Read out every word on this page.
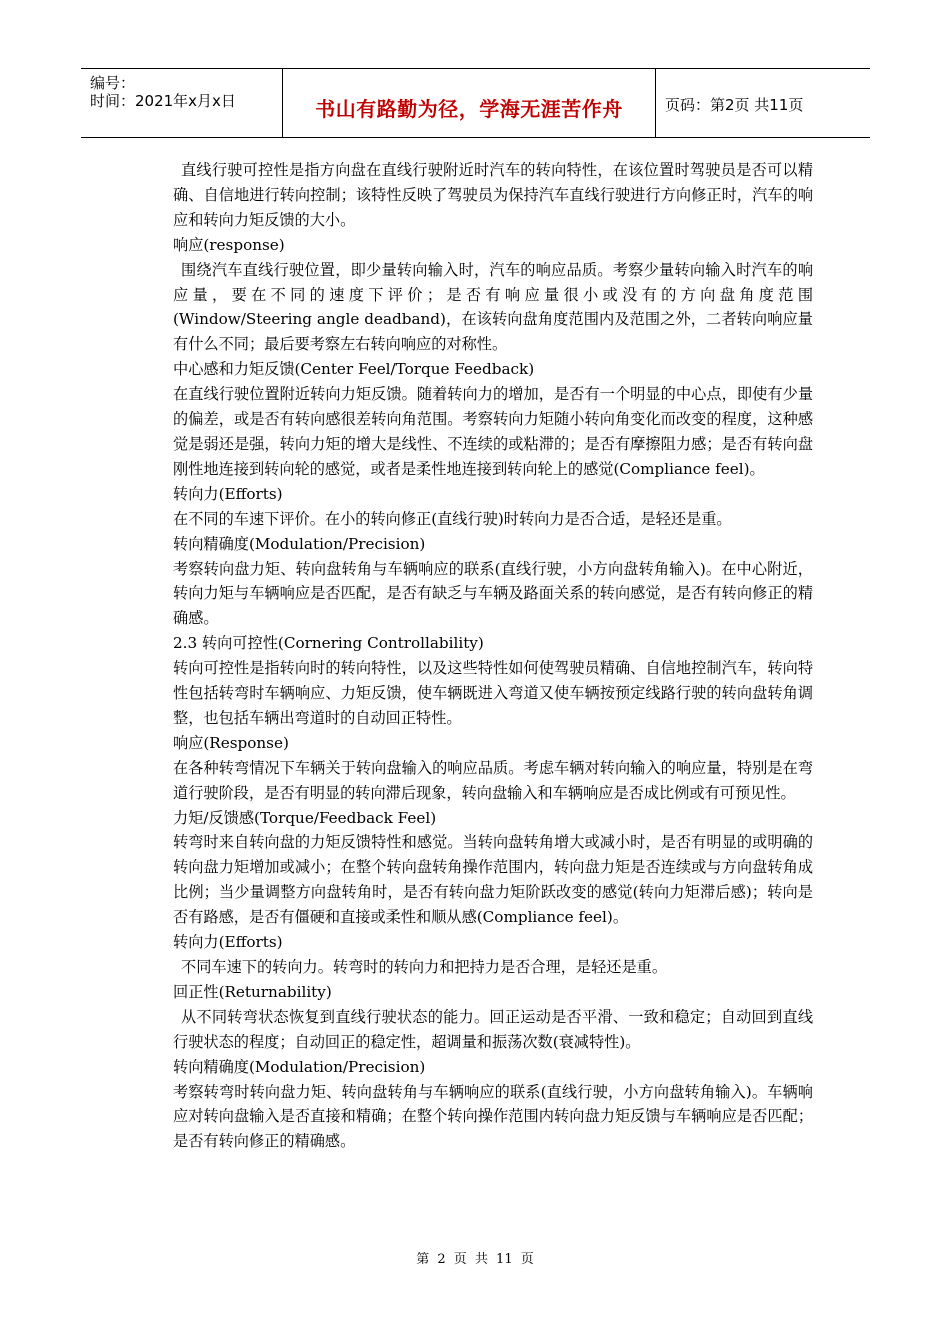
编号：
时间：2021年x月x日	书山有路勤为径，学海无涯苦作舟	页码：第2页 共11页

直线行驶可控性是指方向盘在直线行驶附近时汽车的转向特性，在该位置时驾驶员是否可以精确、自信地进行转向控制；该特性反映了驾驶员为保持汽车直线行驶进行方向修正时，汽车的响应和转向力矩反馈的大小。

响应(response)

围绕汽车直线行驶位置，即少量转向输入时，汽车的响应品质。考察少量转向输入时汽车的响应量，要在不同的速度下评价；是否有响应量很小或没有的方向盘角度范围(Window/Steering angle deadband)，在该转向盘角度范围内及范围之外，二者转向响应量有什么不同；最后要考察左右转向响应的对称性。

中心感和力矩反馈(Center Feel/Torque Feedback)

在直线行驶位置附近转向力矩反馈。随着转向力的增加，是否有一个明显的中心点，即使有少量的偏差，或是否有转向感很差转向角范围。考察转向力矩随小转向角变化而改变的程度，这种感觉是弱还是强，转向力矩的增大是线性、不连续的或粘滞的；是否有摩擦阻力感；是否有转向盘刚性地连接到转向轮的感觉，或者是柔性地连接到转向轮上的感觉(Compliance feel)。

转向力(Efforts)

在不同的车速下评价。在小的转向修正(直线行驶)时转向力是否合适，是轻还是重。

转向精确度(Modulation/Precision)

考察转向盘力矩、转向盘转角与车辆响应的联系(直线行驶，小方向盘转角输入)。在中心附近，转向力矩与车辆响应是否匹配，是否有缺乏与车辆及路面关系的转向感觉，是否有转向修正的精确感。

2.3 转向可控性(Cornering Controllability)

转向可控性是指转向时的转向特性，以及这些特性如何使驾驶员精确、自信地控制汽车，转向特性包括转弯时车辆响应、力矩反馈，使车辆既进入弯道又使车辆按预定线路行驶的转向盘转角调整，也包括车辆出弯道时的自动回正特性。

响应(Response)

在各种转弯情况下车辆关于转向盘输入的响应品质。考虑车辆对转向输入的响应量，特别是在弯道行驶阶段，是否有明显的转向滞后现象，转向盘输入和车辆响应是否成比例或有可预见性。

力矩/反馈感(Torque/Feedback Feel)

转弯时来自转向盘的力矩反馈特性和感觉。当转向盘转角增大或减小时，是否有明显的或明确的转向盘力矩增加或减小；在整个转向盘转角操作范围内，转向盘力矩是否连续或与方向盘转角成比例；当少量调整方向盘转角时，是否有转向盘力矩阶跃改变的感觉(转向力矩滞后感)；转向是否有路感，是否有僵硬和直接或柔性和顺从感(Compliance feel)。

转向力(Efforts)

不同车速下的转向力。转弯时的转向力和把持力是否合理，是轻还是重。

回正性(Returnability)

从不同转弯状态恢复到直线行驶状态的能力。回正运动是否平滑、一致和稳定；自动回到直线行驶状态的程度；自动回正的稳定性，超调量和振荡次数(衰减特性)。

转向精确度(Modulation/Precision)

考察转弯时转向盘力矩、转向盘转角与车辆响应的联系(直线行驶，小方向盘转角输入)。车辆响应对转向盘输入是否直接和精确；在整个转向操作范围内转向盘力矩反馈与车辆响应是否匹配；是否有转向修正的精确感。

第 2 页 共 11 页
